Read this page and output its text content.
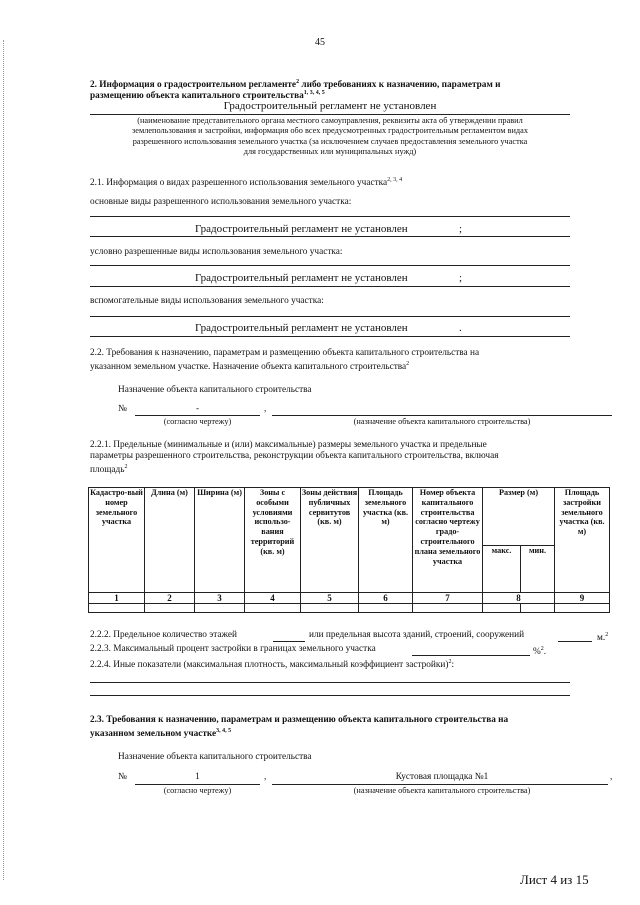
45
2. Информация о градостроительном регламенте$^2$ либо требованиях к назначению, параметрам и
размещению объекта капитального строительства$^{1, 3, 4, 5}$
Градостроительный регламент не установлен
(наименование представительного органа местного самоуправления, реквизиты акта об утверждении правил
землепользования и застройки, информация обо всех предусмотренных градостроительным регламентом видах
разрешенного использования земельного участка (за исключением случаев предоставления земельного участка
для государственных или муниципальных нужд)
2.1. Информация о видах разрешенного использования земельного участка$^{2, 3, 4}$
основные виды разрешенного использования земельного участка:
Градостроительный регламент не установлен	;
условно разрешенные виды использования земельного участка:
Градостроительный регламент не установлен	;
вспомогательные виды использования земельного участка:
Градостроительный регламент не установлен	.
2.2. Требования к назначению, параметрам и размещению объекта капитального строительства на
указанном земельном участке. Назначение объекта капитального строительства$^2$
Назначение объекта капитального строительства
№	-	,
(согласно чертежу)	(назначение объекта капитального строительства)
2.2.1. Предельные (минимальные и (или) максимальные) размеры земельного участка и предельные
параметры разрешенного строительства, реконструкции объекта капитального строительства, включая
площадь$^2$
Кадастро-вый номер земельного участка	Длина (м)	Ширина (м)	Зоны с особыми условиями использо-вания территорий (кв. м)	Зоны действия публичных сервитутов (кв. м)	Площадь земельного участка (кв. м)	Номер объекта капитального строительства согласно чертежу градо-строительного плана земельного участка	Размер (м)		Площадь застройки земельного участка (кв. м)
							макс.	мин.	
1	2	3	4	5	6	7	8		9

2.2.2. Предельное количество этажей	или предельная высота зданий, строений, сооружений	м.$^2$
2.2.3. Максимальный процент застройки в границах земельного участка	%$^2$.
2.2.4. Иные показатели (максимальная плотность, максимальный коэффициент застройки)$^2$:
2.3. Требования к назначению, параметрам и размещению объекта капитального строительства на
указанном земельном участке$^{3, 4, 5}$
Назначение объекта капитального строительства
№	1	,	Кустовая площадка №1	,
(согласно чертежу)	(назначение объекта капитального строительства)
Лист 4 из 15
